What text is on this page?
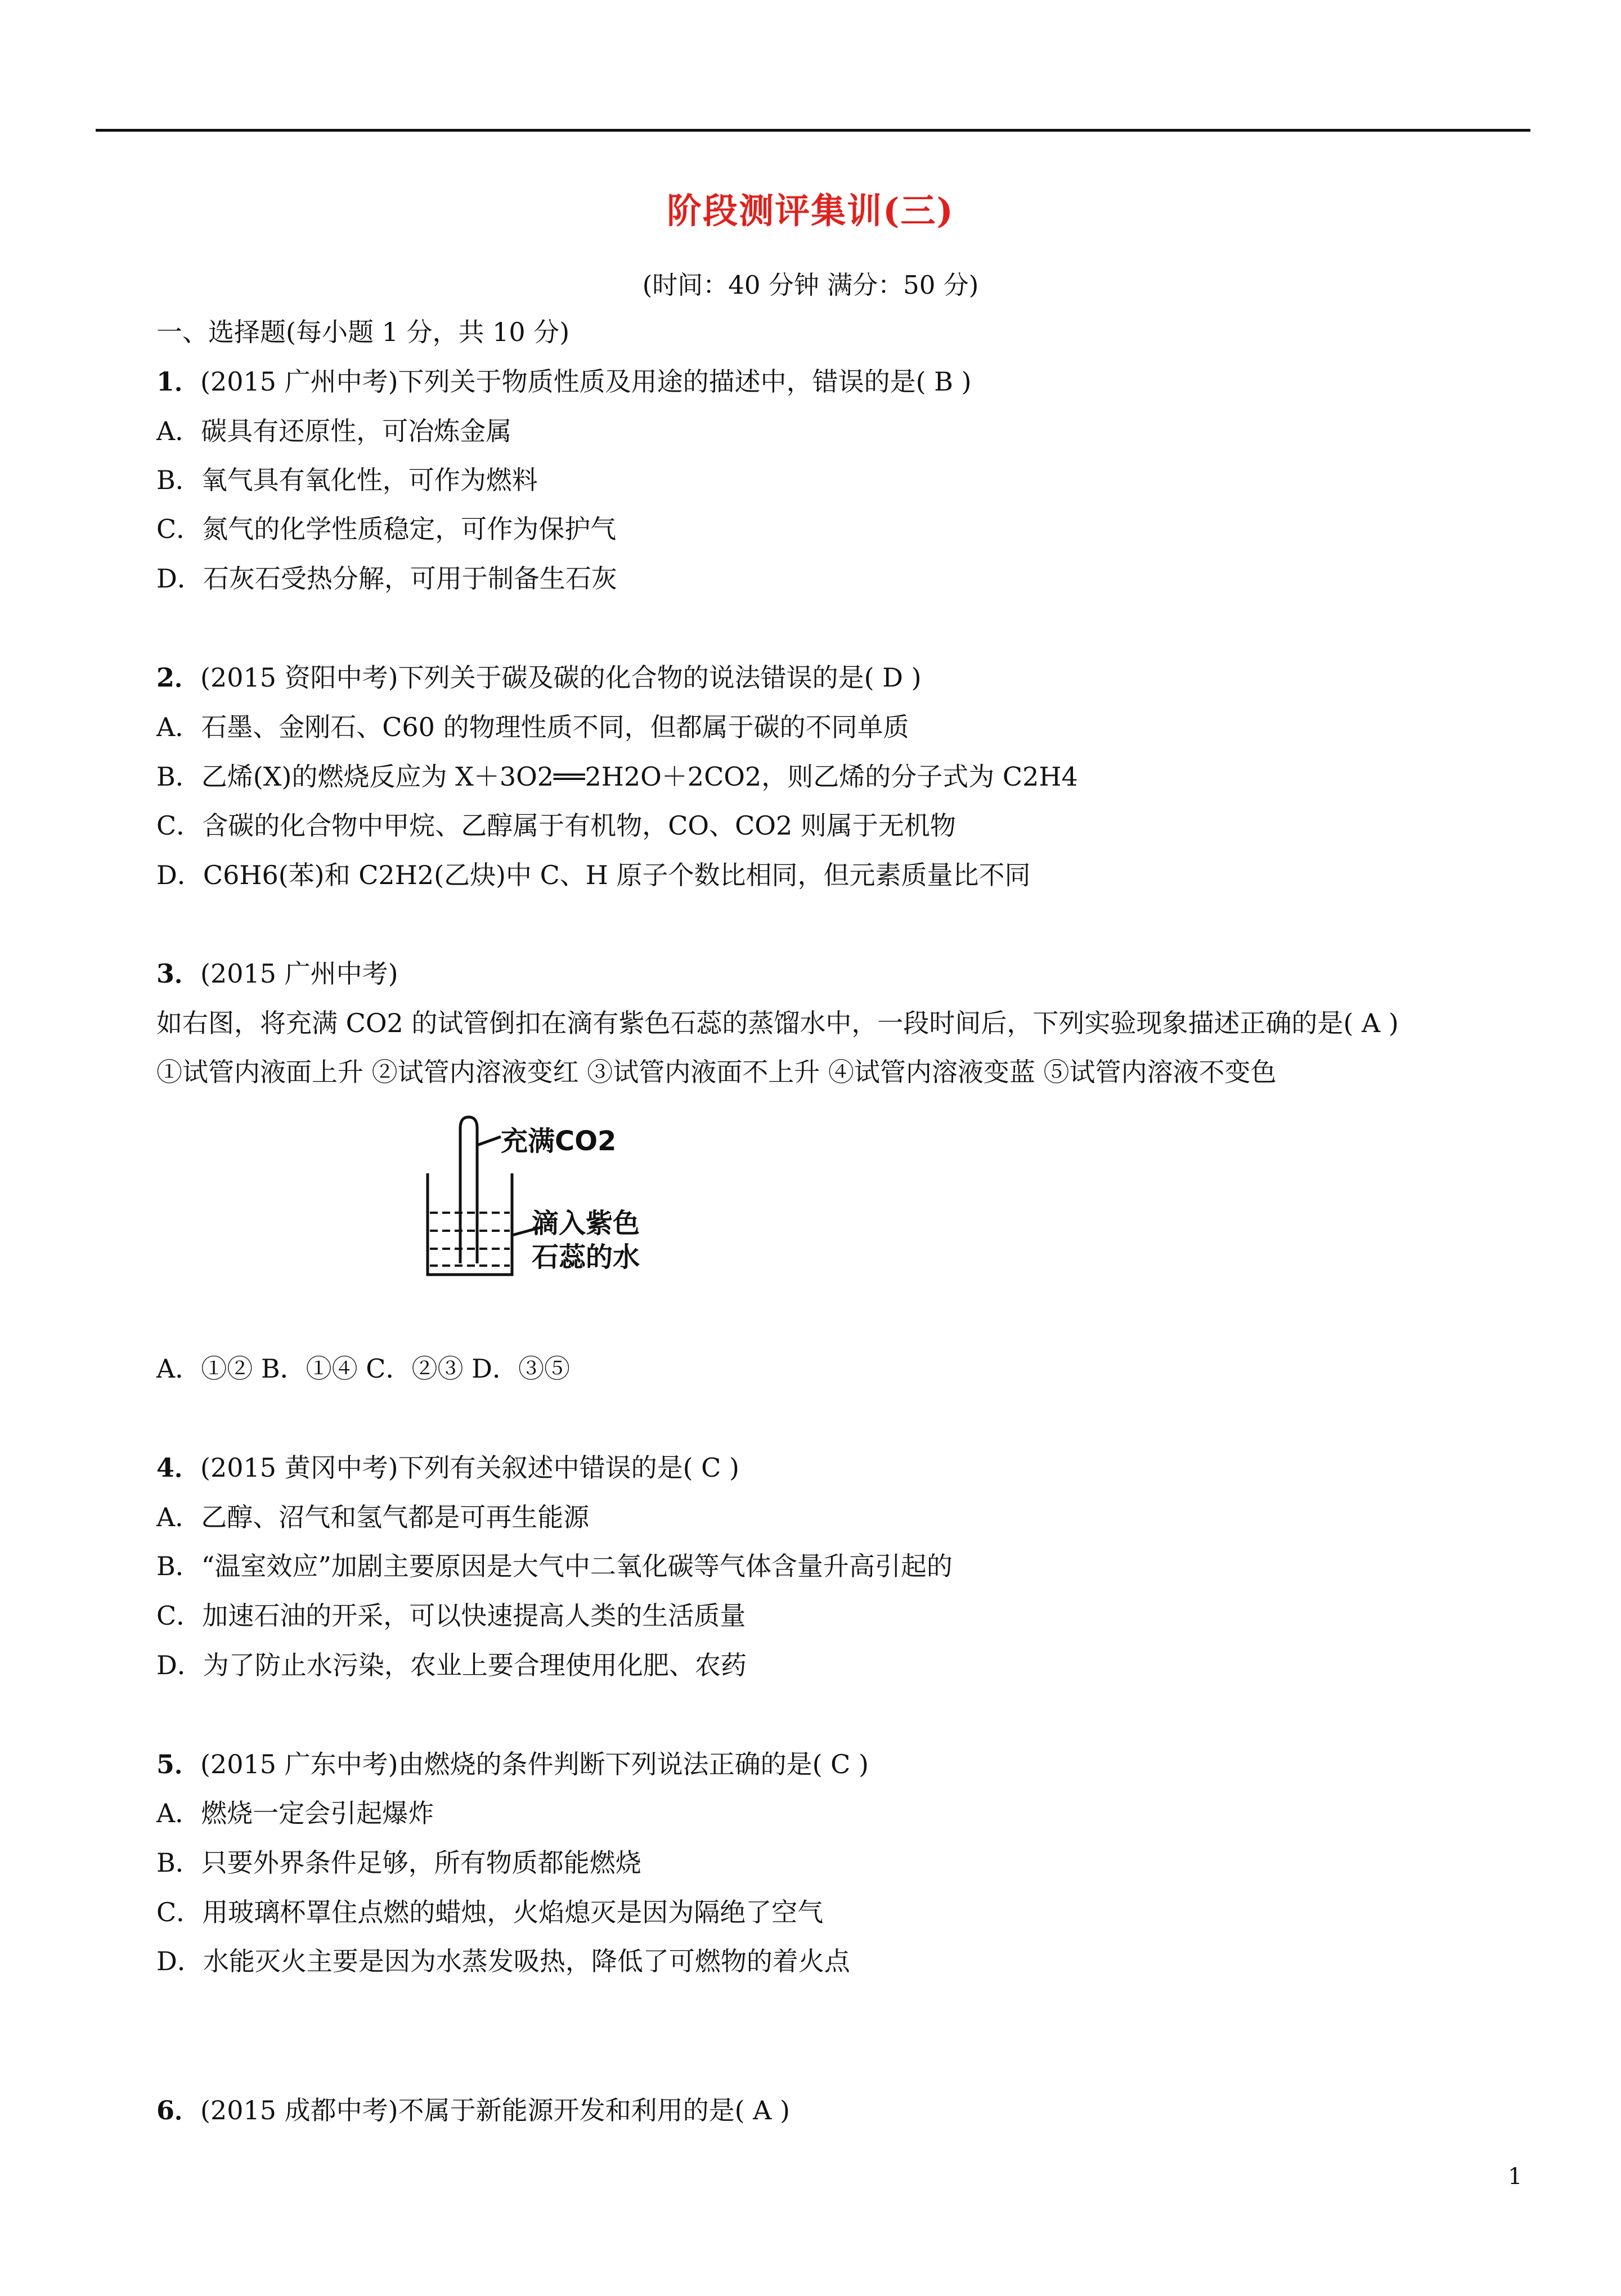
阶段测评集训(三)
(时间：40 分钟 满分：50 分)
一、选择题(每小题 1 分，共 10 分)
1．(2015 广州中考)下列关于物质性质及用途的描述中，错误的是( B )
A．碳具有还原性，可冶炼金属
B．氧气具有氧化性，可作为燃料
C．氮气的化学性质稳定，可作为保护气
D．石灰石受热分解，可用于制备生石灰
2．(2015 资阳中考)下列关于碳及碳的化合物的说法错误的是( D )
A．石墨、金刚石、C60 的物理性质不同，但都属于碳的不同单质
B．乙烯(X)的燃烧反应为 X＋3O2══2H2O＋2CO2，则乙烯的分子式为 C2H4
C．含碳的化合物中甲烷、乙醇属于有机物，CO、CO2 则属于无机物
D．C6H6(苯)和 C2H2(乙炔)中 C、H 原子个数比相同，但元素质量比不同
3．(2015 广州中考)
如右图，将充满 CO2 的试管倒扣在滴有紫色石蕊的蒸馏水中，一段时间后，下列实验现象描述正确的是( A )
①试管内液面上升 ②试管内溶液变红 ③试管内液面不上升 ④试管内溶液变蓝 ⑤试管内溶液不变色
充满CO2
滴入紫色
石蕊的水
A．①② B．①④ C．②③ D．③⑤
4．(2015 黄冈中考)下列有关叙述中错误的是( C )
A．乙醇、沼气和氢气都是可再生能源
B．“温室效应”加剧主要原因是大气中二氧化碳等气体含量升高引起的
C．加速石油的开采，可以快速提高人类的生活质量
D．为了防止水污染，农业上要合理使用化肥、农药
5．(2015 广东中考)由燃烧的条件判断下列说法正确的是( C )
A．燃烧一定会引起爆炸
B．只要外界条件足够，所有物质都能燃烧
C．用玻璃杯罩住点燃的蜡烛，火焰熄灭是因为隔绝了空气
D．水能灭火主要是因为水蒸发吸热，降低了可燃物的着火点
6．(2015 成都中考)不属于新能源开发和利用的是( A )
1
